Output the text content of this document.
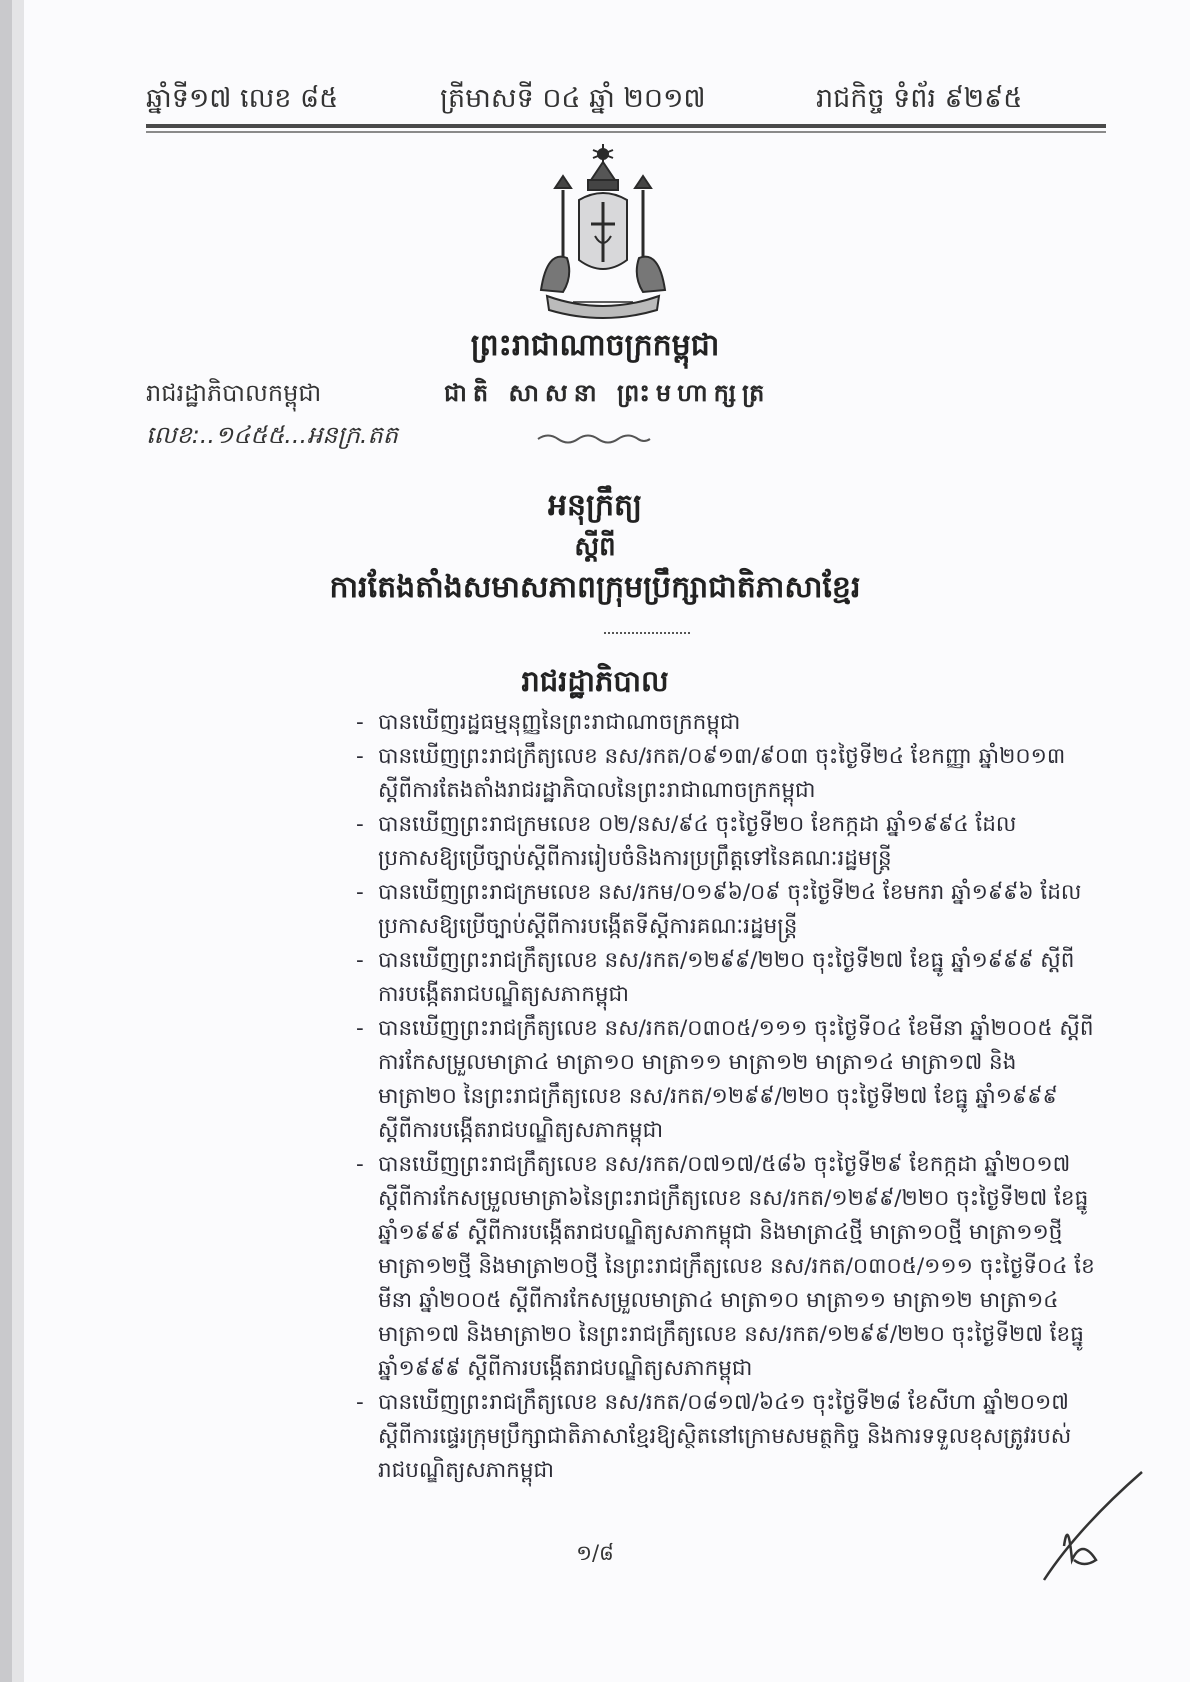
ឆ្នាំទី១៧ លេខ ៨៥	ត្រីមាសទី ០៤ ឆ្នាំ ២០១៧	រាជកិច្ច ទំព័រ ៩២៩៥
ព្រះរាជាណាចក្រកម្ពុជា
រាជរដ្ឋាភិបាលកម្ពុជា	ជាតិ សាសនា ព្រះមហាក្សត្រ
លេខ:..១៤៥៥...អនក្រ.តត
អនុក្រឹត្យ
ស្តីពី
ការតែងតាំងសមាសភាពក្រុមប្រឹក្សាជាតិភាសាខ្មែរ
រាជរដ្ឋាភិបាល

- បានឃើញរដ្ឋធម្មនុញ្ញនៃព្រះរាជាណាចក្រកម្ពុជា

- បានឃើញព្រះរាជក្រឹត្យលេខ នស/រកត/០៩១៣/៩០៣ ចុះថ្ងៃទី២៤ ខែកញ្ញា ឆ្នាំ២០១៣ ស្តីពីការតែងតាំងរាជរដ្ឋាភិបាលនៃព្រះរាជាណាចក្រកម្ពុជា

- បានឃើញព្រះរាជក្រមលេខ ០២/នស/៩៤ ចុះថ្ងៃទី២០ ខែកក្កដា ឆ្នាំ១៩៩៤ ដែលប្រកាសឱ្យប្រើច្បាប់ស្តីពីការរៀបចំនិងការប្រព្រឹត្តទៅនៃគណៈរដ្ឋមន្ត្រី

- បានឃើញព្រះរាជក្រមលេខ នស/រកម/០១៩៦/០៩ ចុះថ្ងៃទី២៤ ខែមករា ឆ្នាំ១៩៩៦ ដែលប្រកាសឱ្យប្រើច្បាប់ស្តីពីការបង្កើតទីស្តីការគណៈរដ្ឋមន្ត្រី

- បានឃើញព្រះរាជក្រឹត្យលេខ នស/រកត/១២៩៩/២២០ ចុះថ្ងៃទី២៧ ខែធ្នូ ឆ្នាំ១៩៩៩ ស្តីពីការបង្កើតរាជបណ្ឌិត្យសភាកម្ពុជា

- បានឃើញព្រះរាជក្រឹត្យលេខ នស/រកត/០៣០៥/១១១ ចុះថ្ងៃទី០៤ ខែមីនា ឆ្នាំ២០០៥ ស្តីពីការកែសម្រួលមាត្រា៤ មាត្រា១០ មាត្រា១១ មាត្រា១២ មាត្រា១៤ មាត្រា១៧ និង មាត្រា២០ នៃព្រះរាជក្រឹត្យលេខ នស/រកត/១២៩៩/២២០ ចុះថ្ងៃទី២៧ ខែធ្នូ ឆ្នាំ១៩៩៩ ស្តីពីការបង្កើតរាជបណ្ឌិត្យសភាកម្ពុជា

- បានឃើញព្រះរាជក្រឹត្យលេខ នស/រកត/០៧១៧/៥៨៦ ចុះថ្ងៃទី២៩ ខែកក្កដា ឆ្នាំ២០១៧ ស្តីពីការកែសម្រួលមាត្រា៦នៃព្រះរាជក្រឹត្យលេខ នស/រកត/១២៩៩/២២០ ចុះថ្ងៃទី២៧ ខែធ្នូ ឆ្នាំ១៩៩៩ ស្តីពីការបង្កើតរាជបណ្ឌិត្យសភាកម្ពុជា និងមាត្រា៤ថ្មី មាត្រា១០ថ្មី មាត្រា១១ថ្មី មាត្រា១២ថ្មី និងមាត្រា២០ថ្មី នៃព្រះរាជក្រឹត្យលេខ នស/រកត/០៣០៥/១១១ ចុះថ្ងៃទី០៤ ខែមីនា ឆ្នាំ២០០៥ ស្តីពីការកែសម្រួលមាត្រា៤ មាត្រា១០ មាត្រា១១ មាត្រា១២ មាត្រា១៤ មាត្រា១៧ និងមាត្រា២០ នៃព្រះរាជក្រឹត្យលេខ នស/រកត/១២៩៩/២២០ ចុះថ្ងៃទី២៧ ខែធ្នូ ឆ្នាំ១៩៩៩ ស្តីពីការបង្កើតរាជបណ្ឌិត្យសភាកម្ពុជា

- បានឃើញព្រះរាជក្រឹត្យលេខ នស/រកត/០៨១៧/៦៤១ ចុះថ្ងៃទី២៨ ខែសីហា ឆ្នាំ២០១៧ ស្តីពីការផ្ទេរក្រុមប្រឹក្សាជាតិភាសាខ្មែរឱ្យស្ថិតនៅក្រោមសមត្ថកិច្ច និងការទទួលខុសត្រូវរបស់រាជបណ្ឌិត្យសភាកម្ពុជា

១/៨
